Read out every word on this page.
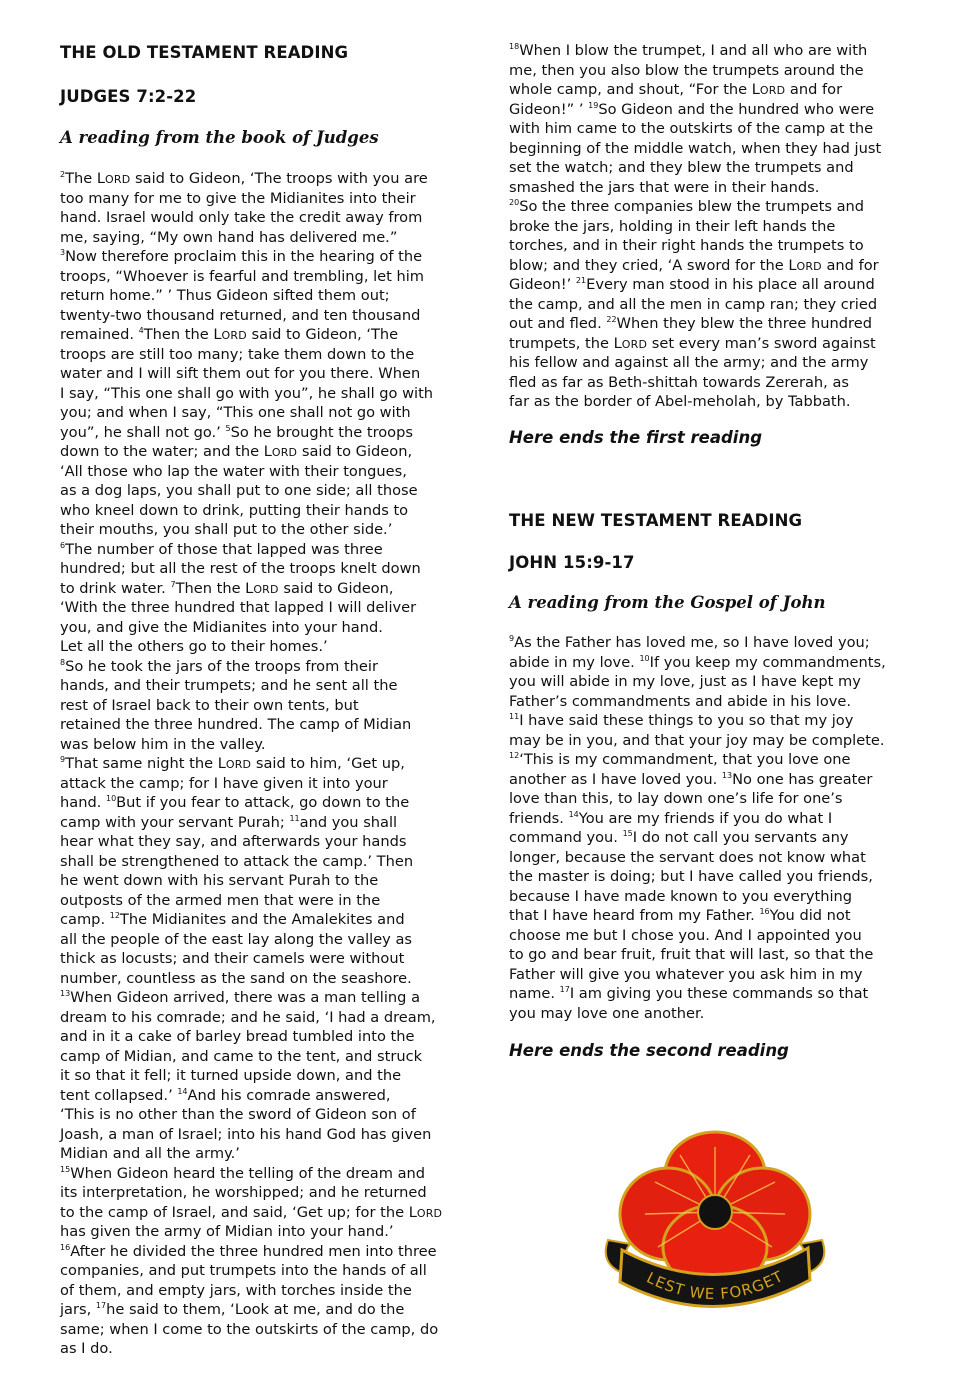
THE OLD TESTAMENT READING
JUDGES 7:2-22
A reading from the book of Judges
$^2$The LORD said to Gideon, ‘The troops with you are
too many for me to give the Midianites into their
hand. Israel would only take the credit away from
me, saying, “My own hand has delivered me.”
$^3$Now therefore proclaim this in the hearing of the
troops, “Whoever is fearful and trembling, let him
return home.” ’ Thus Gideon sifted them out;
twenty-two thousand returned, and ten thousand
remained. $^4$Then the LORD said to Gideon, ‘The
troops are still too many; take them down to the
water and I will sift them out for you there. When
I say, “This one shall go with you”, he shall go with
you; and when I say, “This one shall not go with
you”, he shall not go.’ $^5$So he brought the troops
down to the water; and the LORD said to Gideon,
‘All those who lap the water with their tongues,
as a dog laps, you shall put to one side; all those
who kneel down to drink, putting their hands to
their mouths, you shall put to the other side.’
$^6$The number of those that lapped was three
hundred; but all the rest of the troops knelt down
to drink water. $^7$Then the LORD said to Gideon,
‘With the three hundred that lapped I will deliver
you, and give the Midianites into your hand.
Let all the others go to their homes.’
$^8$So he took the jars of the troops from their
hands, and their trumpets; and he sent all the
rest of Israel back to their own tents, but
retained the three hundred. The camp of Midian
was below him in the valley.
$^9$That same night the LORD said to him, ‘Get up,
attack the camp; for I have given it into your
hand. $^{10}$But if you fear to attack, go down to the
camp with your servant Purah; $^{11}$and you shall
hear what they say, and afterwards your hands
shall be strengthened to attack the camp.’ Then
he went down with his servant Purah to the
outposts of the armed men that were in the
camp. $^{12}$The Midianites and the Amalekites and
all the people of the east lay along the valley as
thick as locusts; and their camels were without
number, countless as the sand on the seashore.
$^{13}$When Gideon arrived, there was a man telling a
dream to his comrade; and he said, ‘I had a dream,
and in it a cake of barley bread tumbled into the
camp of Midian, and came to the tent, and struck
it so that it fell; it turned upside down, and the
tent collapsed.’ $^{14}$And his comrade answered,
‘This is no other than the sword of Gideon son of
Joash, a man of Israel; into his hand God has given
Midian and all the army.’
$^{15}$When Gideon heard the telling of the dream and
its interpretation, he worshipped; and he returned
to the camp of Israel, and said, ‘Get up; for the LORD
has given the army of Midian into your hand.’
$^{16}$After he divided the three hundred men into three
companies, and put trumpets into the hands of all
of them, and empty jars, with torches inside the
jars, $^{17}$he said to them, ‘Look at me, and do the
same; when I come to the outskirts of the camp, do
as I do.
$^{18}$When I blow the trumpet, I and all who are with
me, then you also blow the trumpets around the
whole camp, and shout, “For the LORD and for
Gideon!” ’ $^{19}$So Gideon and the hundred who were
with him came to the outskirts of the camp at the
beginning of the middle watch, when they had just
set the watch; and they blew the trumpets and
smashed the jars that were in their hands.
$^{20}$So the three companies blew the trumpets and
broke the jars, holding in their left hands the
torches, and in their right hands the trumpets to
blow; and they cried, ‘A sword for the LORD and for
Gideon!’ $^{21}$Every man stood in his place all around
the camp, and all the men in camp ran; they cried
out and fled. $^{22}$When they blew the three hundred
trumpets, the LORD set every man’s sword against
his fellow and against all the army; and the army
fled as far as Beth-shittah towards Zererah, as
far as the border of Abel-meholah, by Tabbath.
Here ends the first reading
THE NEW TESTAMENT READING
JOHN 15:9-17
A reading from the Gospel of John
$^9$As the Father has loved me, so I have loved you;
abide in my love. $^{10}$If you keep my commandments,
you will abide in my love, just as I have kept my
Father’s commandments and abide in his love.
$^{11}$I have said these things to you so that my joy
may be in you, and that your joy may be complete.
$^{12}$‘This is my commandment, that you love one
another as I have loved you. $^{13}$No one has greater
love than this, to lay down one’s life for one’s
friends. $^{14}$You are my friends if you do what I
command you. $^{15}$I do not call you servants any
longer, because the servant does not know what
the master is doing; but I have called you friends,
because I have made known to you everything
that I have heard from my Father. $^{16}$You did not
choose me but I chose you. And I appointed you
to go and bear fruit, fruit that will last, so that the
Father will give you whatever you ask him in my
name. $^{17}$I am giving you these commands so that
you may love one another.
Here ends the second reading
LEST WE FORGET
